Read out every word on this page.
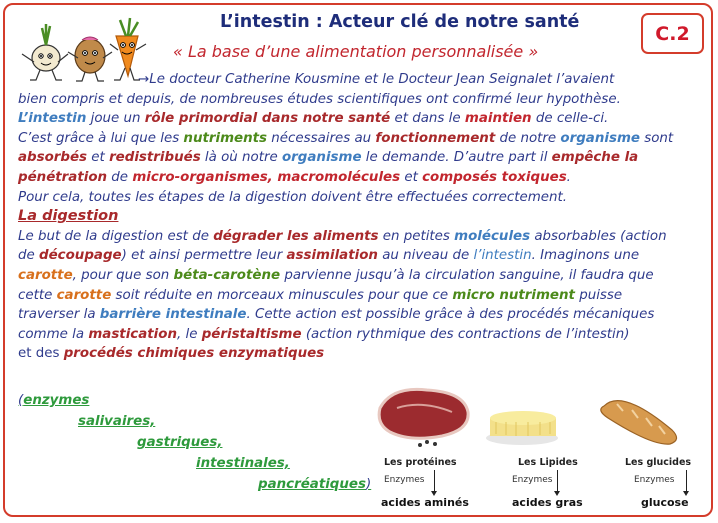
L’intestin : Acteur clé de notre santé
« La base d’une alimentation personnalisée »
C.2
→Le docteur Catherine Kousmine et le Docteur Jean Seignalet l’avaient
bien compris et depuis, de nombreuses études scientifiques ont confirmé leur hypothèse.
L’intestin joue un rôle primordial dans notre santé et dans le maintien de celle-ci.
C’est grâce à lui que les nutriments nécessaires au fonctionnement de notre organisme sont
absorbés et redistribués là où notre organisme le demande. D’autre part il empêche la
pénétration de micro-organismes, macromolécules et composés toxiques.
Pour cela, toutes les étapes de la digestion doivent être effectuées correctement.
La digestion
Le but de la digestion est de dégrader les aliments en petites molécules absorbables (action
de découpage) et ainsi permettre leur assimilation au niveau de l’intestin. Imaginons une
carotte, pour que son béta-carotène parvienne jusqu’à la circulation sanguine, il faudra que
cette carotte soit réduite en morceaux minuscules pour que ce micro nutriment puisse
traverser la barrière intestinale. Cette action est possible grâce à des procédés mécaniques
comme la mastication, le péristaltisme (action rythmique des contractions de l’intestin)
et des procédés chimiques enzymatiques
(enzymes
salivaires,
gastriques,
intestinales,
pancréatiques)
Les protéines	Les Lipides	Les glucides
Enzymes	Enzymes	Enzymes
acides aminés	acides gras	glucose
